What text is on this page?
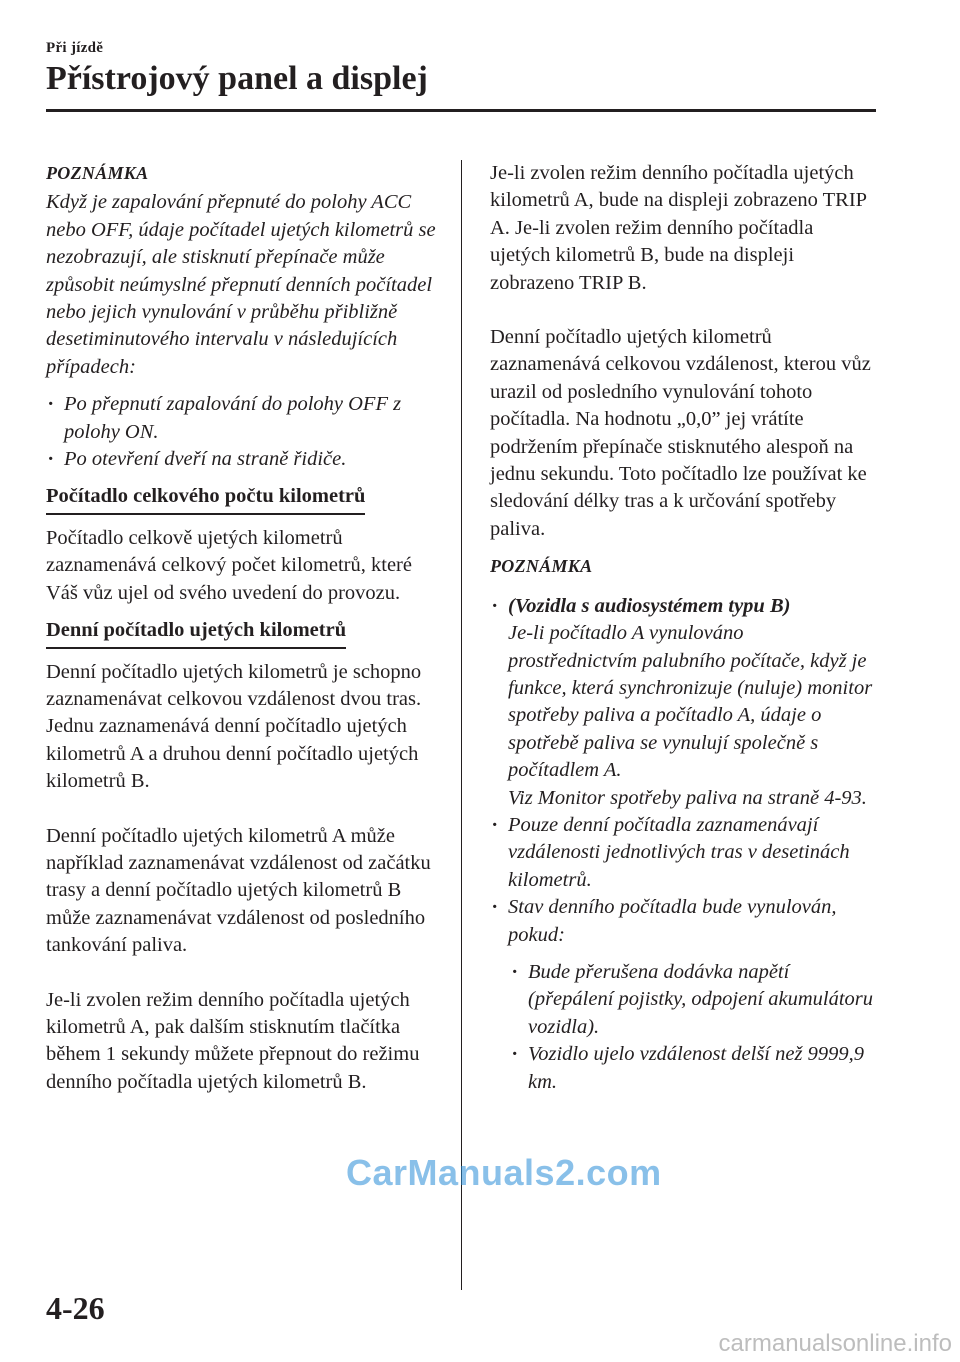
Při jízdě
Přístrojový panel a displej

POZNÁMKA

Když je zapalování přepnuté do polohy ACC nebo OFF, údaje počítadel ujetých kilometrů se nezobrazují, ale stisknutí přepínače může způsobit neúmyslné přepnutí denních počítadel nebo jejich vynulování v průběhu přibližně desetiminutového intervalu v následujících případech:

· Po přepnutí zapalování do polohy OFF z polohy ON.

· Po otevření dveří na straně řidiče.

Počítadlo celkového počtu kilometrů

Počítadlo celkově ujetých kilometrů zaznamenává celkový počet kilometrů, které Váš vůz ujel od svého uvedení do provozu.

Denní počítadlo ujetých kilometrů

Denní počítadlo ujetých kilometrů je schopno zaznamenávat celkovou vzdálenost dvou tras. Jednu zaznamenává denní počítadlo ujetých kilometrů A a druhou denní počítadlo ujetých kilometrů B.

Denní počítadlo ujetých kilometrů A může například zaznamenávat vzdálenost od začátku trasy a denní počítadlo ujetých kilometrů B může zaznamenávat vzdálenost od posledního tankování paliva.

Je-li zvolen režim denního počítadla ujetých kilometrů A, pak dalším stisknutím tlačítka během 1 sekundy můžete přepnout do režimu denního počítadla ujetých kilometrů B.

Je-li zvolen režim denního počítadla ujetých kilometrů A, bude na displeji zobrazeno TRIP A. Je-li zvolen režim denního počítadla ujetých kilometrů B, bude na displeji zobrazeno TRIP B.

Denní počítadlo ujetých kilometrů zaznamenává celkovou vzdálenost, kterou vůz urazil od posledního vynulování tohoto počítadla. Na hodnotu „0,0” jej vrátíte podržením přepínače stisknutého alespoň na jednu sekundu. Toto počítadlo lze používat ke sledování délky tras a k určování spotřeby paliva.

POZNÁMKA

· (Vozidla s audiosystémem typu B)

Je-li počítadlo A vynulováno prostřednictvím palubního počítače, když je funkce, která synchronizuje (nuluje) monitor spotřeby paliva a počítadlo A, údaje o spotřebě paliva se vynulují společně s počítadlem A.

Viz Monitor spotřeby paliva na straně 4-93.

· Pouze denní počítadla zaznamenávají vzdálenosti jednotlivých tras v desetinách kilometrů.

· Stav denního počítadla bude vynulován, pokud:

· Bude přerušena dodávka napětí (přepálení pojistky, odpojení akumulátoru vozidla).

· Vozidlo ujelo vzdálenost delší než 9999,9 km.

CarManuals2.com
4-26
carmanualsonline.info
